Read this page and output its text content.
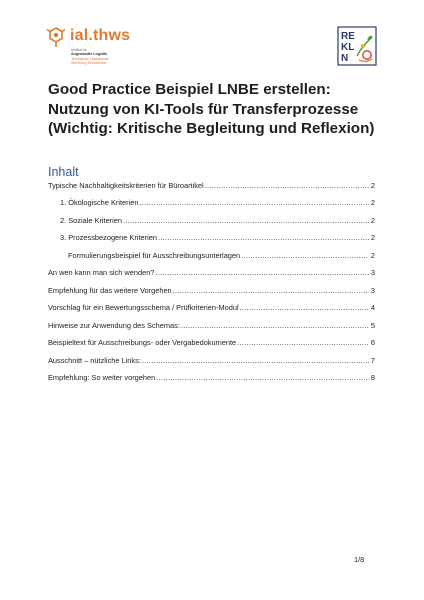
ial.thws
Institut für
Angewandte Logistik
Technische Hochschule
Würzburg-Schweinfurt
RE
KL
N
Good Practice Beispiel LNBE erstellen:
Nutzung von KI-Tools für Transferprozesse
(Wichtig: Kritische Begleitung und Reflexion)
Inhalt
Typische Nachhaltigkeitskriterien für Büroartikel .....	2
1. Ökologische Kriterien .....	2
2. Soziale Kriterien .....	2
3. Prozessbezogene Kriterien .....	2
Formulierungsbeispiel für Ausschreibungsunterlagen .....	2
An wen kann man sich wenden? .....	3
Empfehlung für das weitere Vorgehen .....	3
Vorschlag für ein Bewertungsschema / Prüfkriterien-Modul .....	4
Hinweise zur Anwendung des Schemas: .....	5
Beispieltext für Ausschreibungs- oder Vergabedokumente .....	6
Ausschnitt – nützliche Links: .....	7
Empfehlung: So weiter vorgehen .....	8
1/8
